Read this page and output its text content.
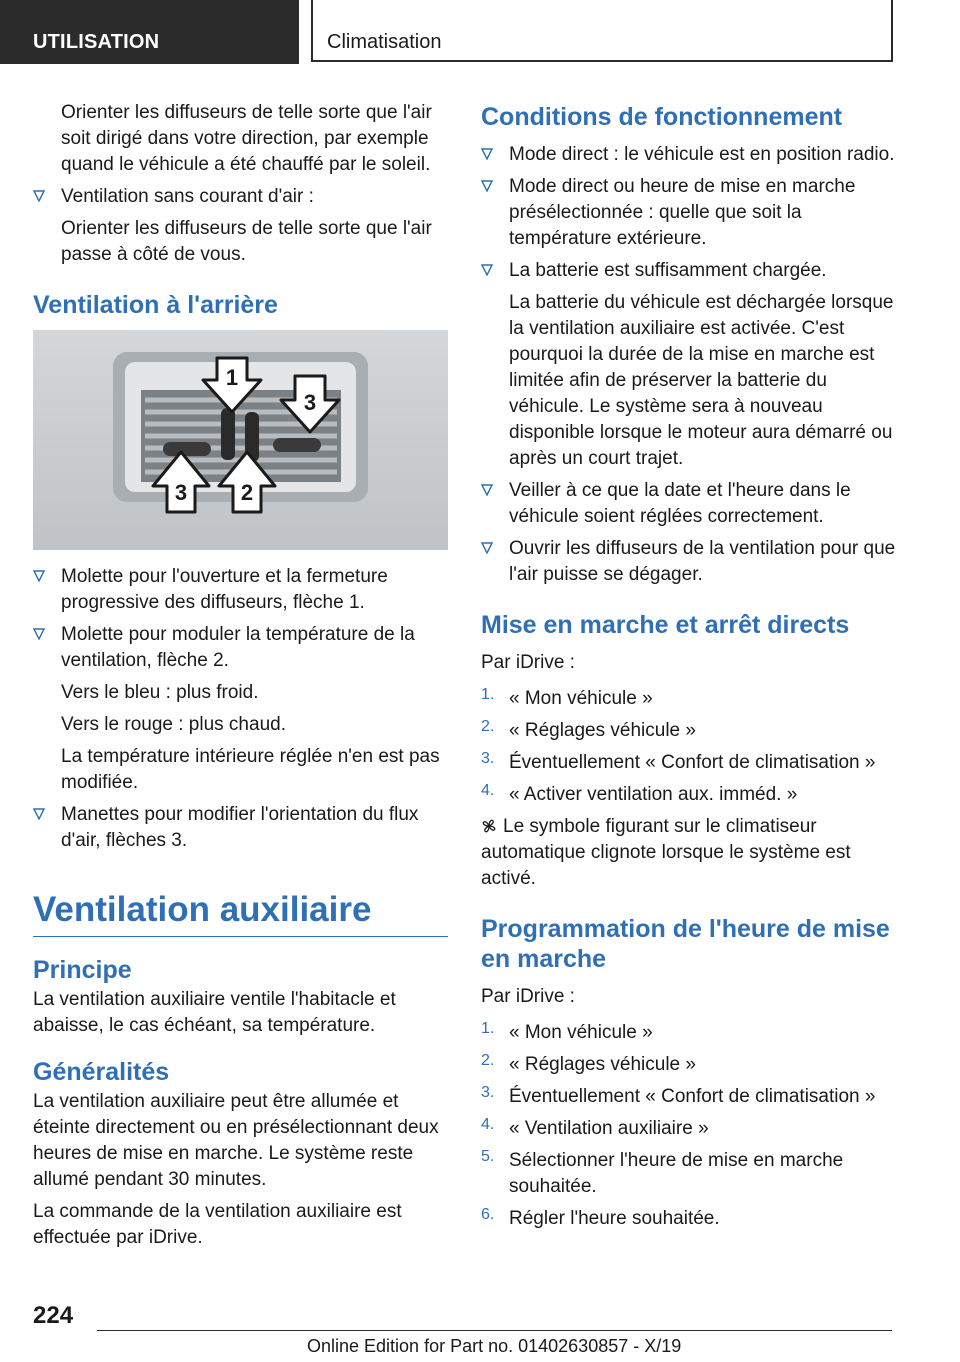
UTILISATION	Climatisation

Orienter les diffuseurs de telle sorte que l'air soit dirigé dans votre direction, par exemple quand le véhicule a été chauffé par le soleil.

Ventilation sans courant d'air :

Orienter les diffuseurs de telle sorte que l'air passe à côté de vous.

Ventilation à l'arrière
1
2
3
3

Molette pour l'ouverture et la fermeture progressive des diffuseurs, flèche 1.

Molette pour moduler la température de la ventilation, flèche 2.

Vers le bleu : plus froid.

Vers le rouge : plus chaud.

La température intérieure réglée n'en est pas modifiée.

Manettes pour modifier l'orientation du flux d'air, flèches 3.

Ventilation auxiliaire
Principe

La ventilation auxiliaire ventile l'habitacle et abaisse, le cas échéant, sa température.

Généralités

La ventilation auxiliaire peut être allumée et éteinte directement ou en présélectionnant deux heures de mise en marche. Le système reste allumé pendant 30 minutes.

La commande de la ventilation auxiliaire est effectuée par iDrive.

Conditions de fonctionnement

Mode direct : le véhicule est en position radio.

Mode direct ou heure de mise en marche présélectionnée : quelle que soit la température extérieure.

La batterie est suffisamment chargée.

La batterie du véhicule est déchargée lorsque la ventilation auxiliaire est activée. C'est pourquoi la durée de la mise en marche est limitée afin de préserver la batterie du véhicule. Le système sera à nouveau disponible lorsque le moteur aura démarré ou après un court trajet.

Veiller à ce que la date et l'heure dans le véhicule soient réglées correctement.

Ouvrir les diffuseurs de la ventilation pour que l'air puisse se dégager.

Mise en marche et arrêt directs

Par iDrive :

1. « Mon véhicule »

2. « Réglages véhicule »

3. Éventuellement « Confort de climatisation »

4. « Activer ventilation aux. imméd. »

Le symbole figurant sur le climatiseur automatique clignote lorsque le système est activé.

Programmation de l'heure de mise en marche

Par iDrive :

1. « Mon véhicule »

2. « Réglages véhicule »

3. Éventuellement « Confort de climatisation »

4. « Ventilation auxiliaire »

5. Sélectionner l'heure de mise en marche souhaitée.

6. Régler l'heure souhaitée.

224
Online Edition for Part no. 01402630857 - X/19
